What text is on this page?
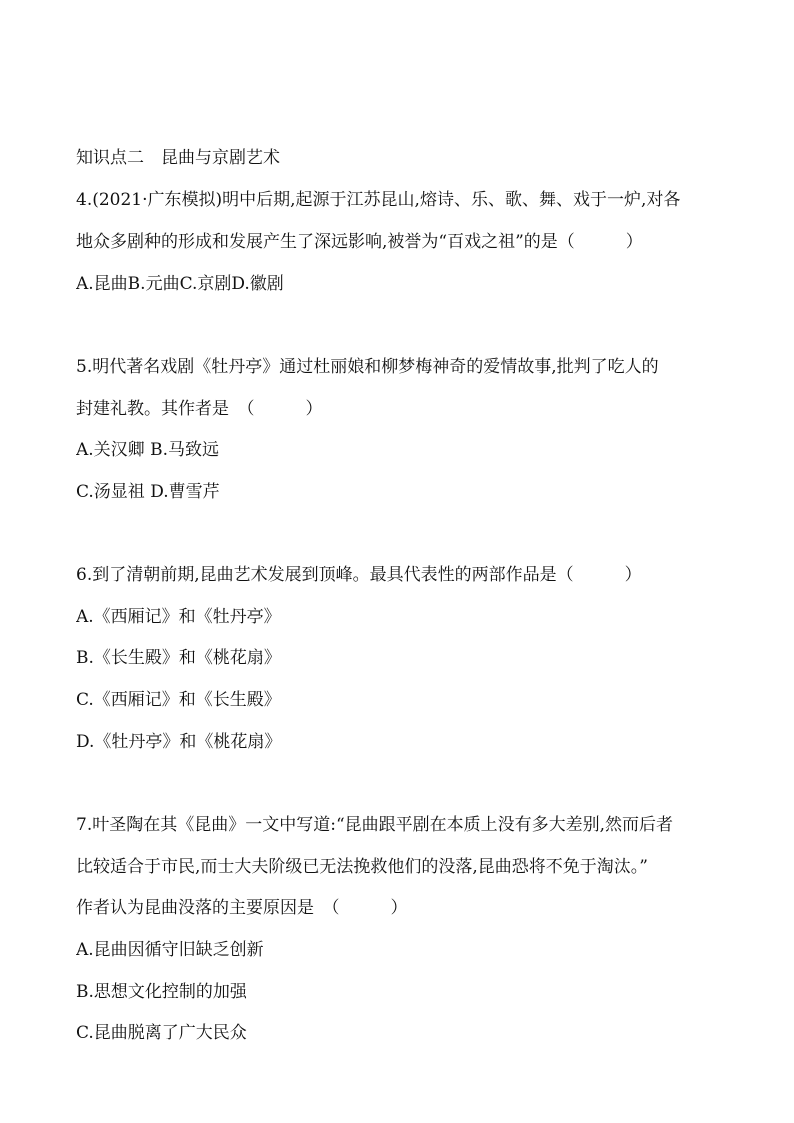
知识点二　昆曲与京剧艺术
4.(2021·广东模拟)明中后期,起源于江苏昆山,熔诗、乐、歌、舞、戏于一炉,对各
地众多剧种的形成和发展产生了深远影响,被誉为“百戏之祖”的是（　　　）
A.昆曲B.元曲C.京剧D.徽剧
5.明代著名戏剧《牡丹亭》通过杜丽娘和柳梦梅神奇的爱情故事,批判了吃人的
封建礼教。其作者是　（　　　）
A.关汉卿 B.马致远
C.汤显祖 D.曹雪芹
6.到了清朝前期,昆曲艺术发展到顶峰。最具代表性的两部作品是（　　　）
A.《西厢记》和《牡丹亭》
B.《长生殿》和《桃花扇》
C.《西厢记》和《长生殿》
D.《牡丹亭》和《桃花扇》
7.叶圣陶在其《昆曲》一文中写道:“昆曲跟平剧在本质上没有多大差别,然而后者
比较适合于市民,而士大夫阶级已无法挽救他们的没落,昆曲恐将不免于淘汰。”
作者认为昆曲没落的主要原因是　（　　　）
A.昆曲因循守旧缺乏创新
B.思想文化控制的加强
C.昆曲脱离了广大民众
